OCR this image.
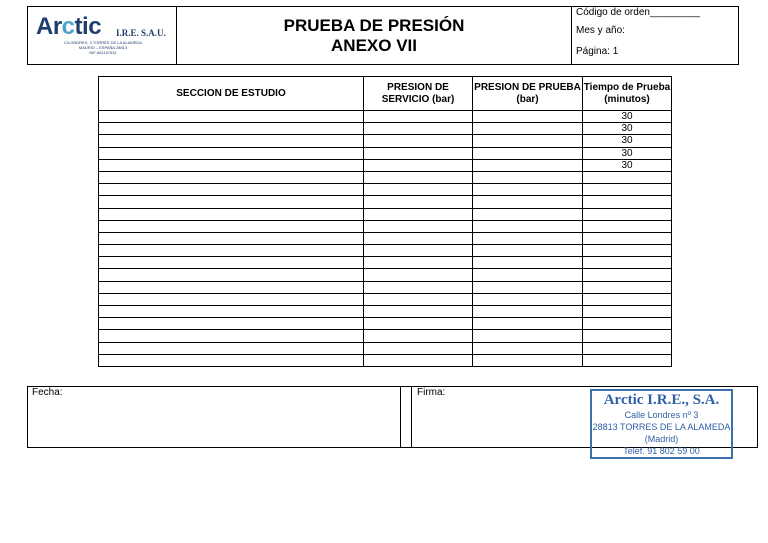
Arctic I.R.E. S.A.U.
C/LONDRES, 3 TORRES DE LA ALAMEDA
MADRID – ESPAÑA 28813
NIF A81167631
PRUEBA DE PRESIÓN
ANEXO VII
Código de orden_________
Mes y año:
Página: 1
SECCION DE ESTUDIO	PRESION DE SERVICIO (bar)	PRESION DE PRUEBA (bar)	Tiempo de Prueba (minutos)
			30
			30
			30
			30
			30

Fecha:	Firma:	Arctic I.R.E., S.A.
Calle Londres nº 3
28813 TORRES DE LA ALAMEDA
(Madrid)
Telef. 91 802 59 00
